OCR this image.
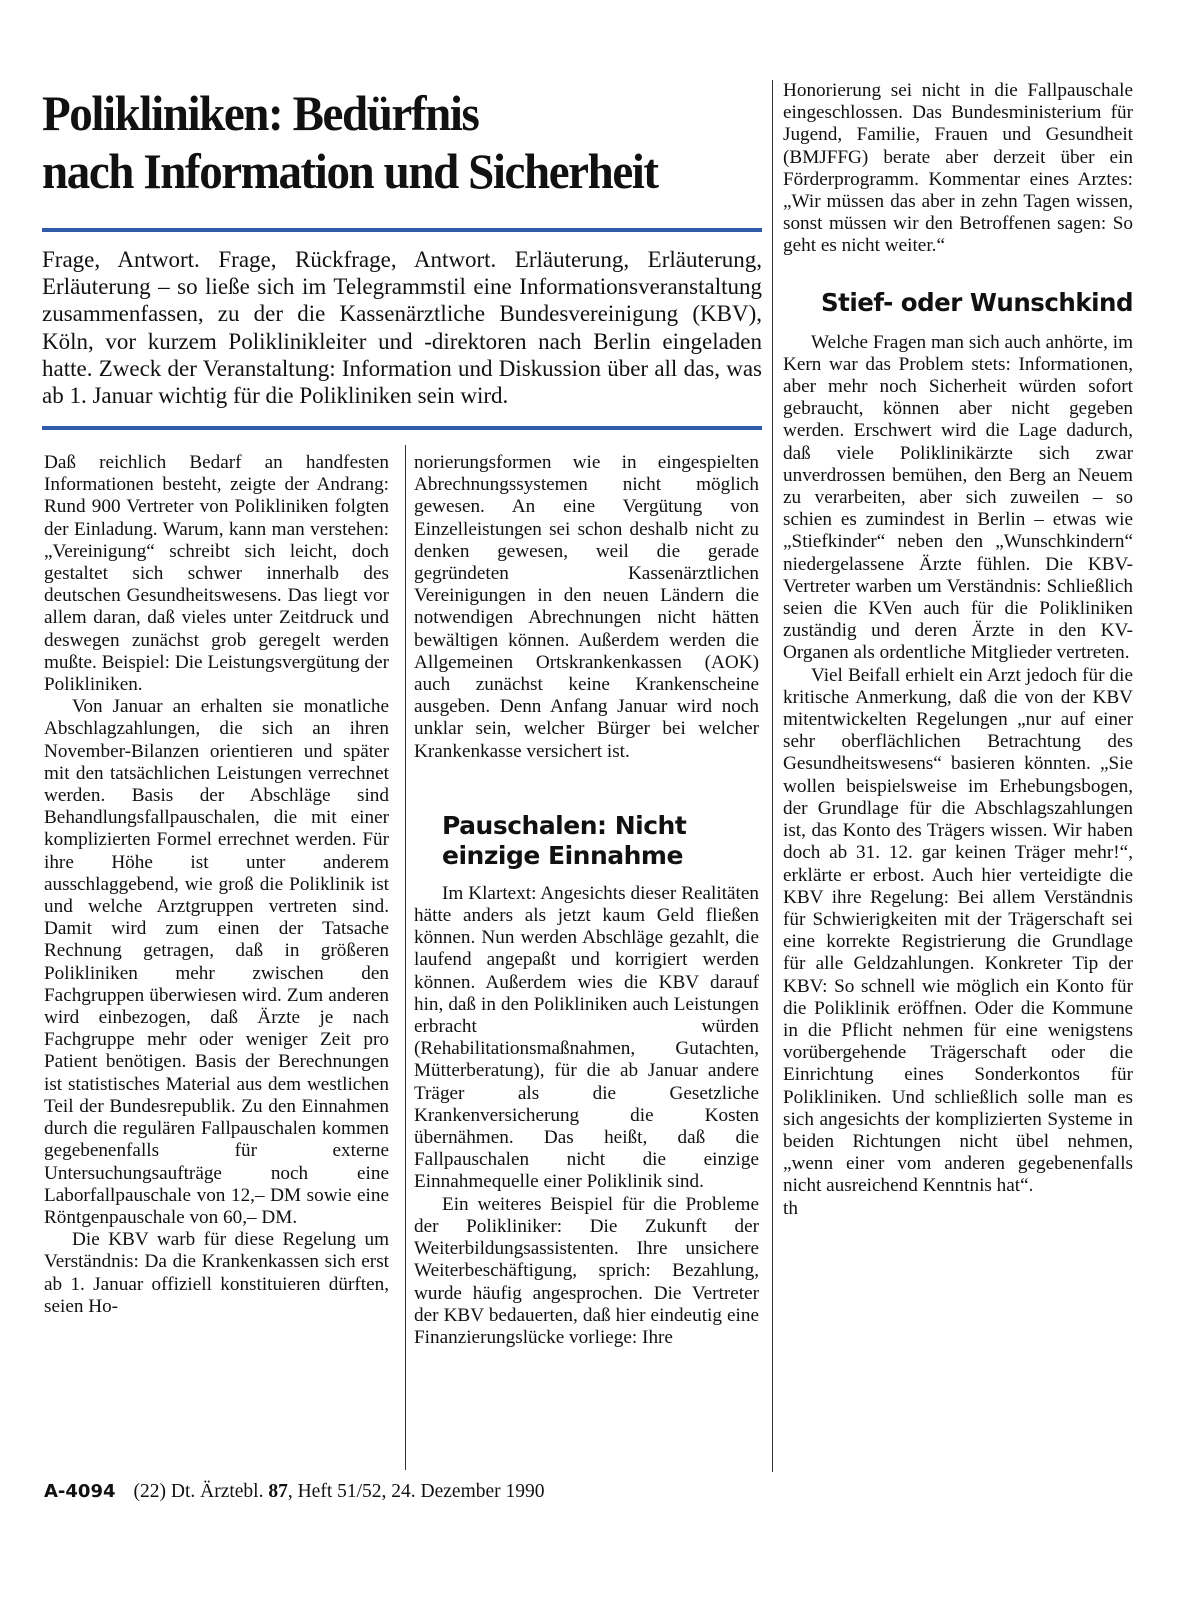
Polikliniken: Bedürfnis
nach Information und Sicherheit

Frage, Antwort. Frage, Rückfrage, Antwort. Erläuterung, Erläuterung, Erläuterung – so ließe sich im Telegrammstil eine Informationsveranstaltung zusammenfassen, zu der die Kassenärztliche Bundesvereinigung (KBV), Köln, vor kurzem Poliklinikleiter und -direktoren nach Berlin eingeladen hatte. Zweck der Veranstaltung: Information und Diskussion über all das, was ab 1. Januar wichtig für die Polikliniken sein wird.

Daß reichlich Bedarf an handfesten Informationen besteht, zeigte der Andrang: Rund 900 Vertreter von Polikliniken folgten der Einladung. Warum, kann man verstehen: „Vereinigung“ schreibt sich leicht, doch gestaltet sich schwer innerhalb des deutschen Gesundheitswesens. Das liegt vor allem daran, daß vieles unter Zeitdruck und deswegen zunächst grob geregelt werden mußte. Beispiel: Die Leistungsvergütung der Polikliniken.

Von Januar an erhalten sie monatliche Abschlagzahlungen, die sich an ihren November-Bilanzen orientieren und später mit den tatsächlichen Leistungen verrechnet werden. Basis der Abschläge sind Behandlungsfallpauschalen, die mit einer komplizierten Formel errechnet werden. Für ihre Höhe ist unter anderem ausschlaggebend, wie groß die Poliklinik ist und welche Arztgruppen vertreten sind. Damit wird zum einen der Tatsache Rechnung getragen, daß in größeren Polikliniken mehr zwischen den Fachgruppen überwiesen wird. Zum anderen wird einbezogen, daß Ärzte je nach Fachgruppe mehr oder weniger Zeit pro Patient benötigen. Basis der Berechnungen ist statistisches Material aus dem westlichen Teil der Bundesrepublik. Zu den Einnahmen durch die regulären Fallpauschalen kommen gegebenenfalls für externe Untersuchungsaufträge noch eine Laborfallpauschale von 12,– DM sowie eine Röntgenpauschale von 60,– DM.

Die KBV warb für diese Regelung um Verständnis: Da die Krankenkassen sich erst ab 1. Januar offiziell konstituieren dürften, seien Ho-

norierungsformen wie in eingespielten Abrechnungssystemen nicht möglich gewesen. An eine Vergütung von Einzelleistungen sei schon deshalb nicht zu denken gewesen, weil die gerade gegründeten Kassenärztlichen Vereinigungen in den neuen Ländern die notwendigen Abrechnungen nicht hätten bewältigen können. Außerdem werden die Allgemeinen Ortskrankenkassen (AOK) auch zunächst keine Krankenscheine ausgeben. Denn Anfang Januar wird noch unklar sein, welcher Bürger bei welcher Krankenkasse versichert ist.

Pauschalen: Nicht
einzige Einnahme

Im Klartext: Angesichts dieser Realitäten hätte anders als jetzt kaum Geld fließen können. Nun werden Abschläge gezahlt, die laufend angepaßt und korrigiert werden können. Außerdem wies die KBV darauf hin, daß in den Polikliniken auch Leistungen erbracht würden (Rehabilitationsmaßnahmen, Gutachten, Mütterberatung), für die ab Januar andere Träger als die Gesetzliche Krankenversicherung die Kosten übernähmen. Das heißt, daß die Fallpauschalen nicht die einzige Einnahmequelle einer Poliklinik sind.

Ein weiteres Beispiel für die Probleme der Polikliniker: Die Zukunft der Weiterbildungsassistenten. Ihre unsichere Weiterbeschäftigung, sprich: Bezahlung, wurde häufig angesprochen. Die Vertreter der KBV bedauerten, daß hier eindeutig eine Finanzierungslücke vorliege: Ihre

Honorierung sei nicht in die Fallpauschale eingeschlossen. Das Bundesministerium für Jugend, Familie, Frauen und Gesundheit (BMJFFG) berate aber derzeit über ein Förderprogramm. Kommentar eines Arztes: „Wir müssen das aber in zehn Tagen wissen, sonst müssen wir den Betroffenen sagen: So geht es nicht weiter.“

Stief- oder Wunschkind

Welche Fragen man sich auch anhörte, im Kern war das Problem stets: Informationen, aber mehr noch Sicherheit würden sofort gebraucht, können aber nicht gegeben werden. Erschwert wird die Lage dadurch, daß viele Poliklinikärzte sich zwar unverdrossen bemühen, den Berg an Neuem zu verarbeiten, aber sich zuweilen – so schien es zumindest in Berlin – etwas wie „Stiefkinder“ neben den „Wunschkindern“ niedergelassene Ärzte fühlen. Die KBV-Vertreter warben um Verständnis: Schließlich seien die KVen auch für die Polikliniken zuständig und deren Ärzte in den KV-Organen als ordentliche Mitglieder vertreten.

Viel Beifall erhielt ein Arzt jedoch für die kritische Anmerkung, daß die von der KBV mitentwickelten Regelungen „nur auf einer sehr oberflächlichen Betrachtung des Gesundheitswesens“ basieren könnten. „Sie wollen beispielsweise im Erhebungsbogen, der Grundlage für die Abschlagszahlungen ist, das Konto des Trägers wissen. Wir haben doch ab 31. 12. gar keinen Träger mehr!“, erklärte er erbost. Auch hier verteidigte die KBV ihre Regelung: Bei allem Verständnis für Schwierigkeiten mit der Trägerschaft sei eine korrekte Registrierung die Grundlage für alle Geldzahlungen. Konkreter Tip der KBV: So schnell wie möglich ein Konto für die Poliklinik eröffnen. Oder die Kommune in die Pflicht nehmen für eine wenigstens vorübergehende Trägerschaft oder die Einrichtung eines Sonderkontos für Polikliniken. Und schließlich solle man es sich angesichts der komplizierten Systeme in beiden Richtungen nicht übel nehmen, „wenn einer vom anderen gegebenenfalls nicht ausreichend Kenntnis hat“.

th

A-4094 (22) Dt. Ärztebl. 87, Heft 51/52, 24. Dezember 1990
